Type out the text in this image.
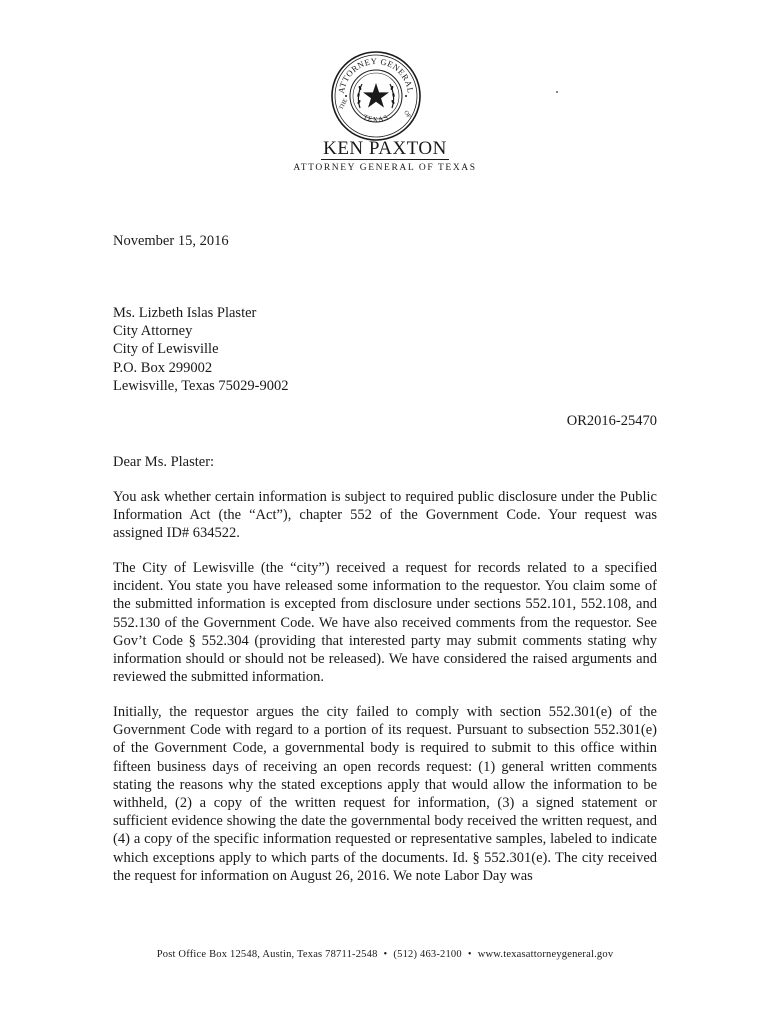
ATTORNEY GENERAL
TEXAS
THE
OF
KEN PAXTON
ATTORNEY GENERAL OF TEXAS
November 15, 2016
Ms. Lizbeth Islas Plaster
City Attorney
City of Lewisville
P.O. Box 299002
Lewisville, Texas 75029-9002
OR2016-25470
Dear Ms. Plaster:
You ask whether certain information is subject to required public disclosure under the Public Information Act (the “Act”), chapter 552 of the Government Code. Your request was assigned ID# 634522.
The City of Lewisville (the “city”) received a request for records related to a specified incident. You state you have released some information to the requestor. You claim some of the submitted information is excepted from disclosure under sections 552.101, 552.108, and 552.130 of the Government Code. We have also received comments from the requestor. See Gov’t Code § 552.304 (providing that interested party may submit comments stating why information should or should not be released). We have considered the raised arguments and reviewed the submitted information.
Initially, the requestor argues the city failed to comply with section 552.301(e) of the Government Code with regard to a portion of its request. Pursuant to subsection 552.301(e) of the Government Code, a governmental body is required to submit to this office within fifteen business days of receiving an open records request: (1) general written comments stating the reasons why the stated exceptions apply that would allow the information to be withheld, (2) a copy of the written request for information, (3) a signed statement or sufficient evidence showing the date the governmental body received the written request, and (4) a copy of the specific information requested or representative samples, labeled to indicate which exceptions apply to which parts of the documents. Id. § 552.301(e). The city received the request for information on August 26, 2016. We note Labor Day was
Post Office Box 12548, Austin, Texas 78711-2548 • (512) 463-2100 • www.texasattorneygeneral.gov
